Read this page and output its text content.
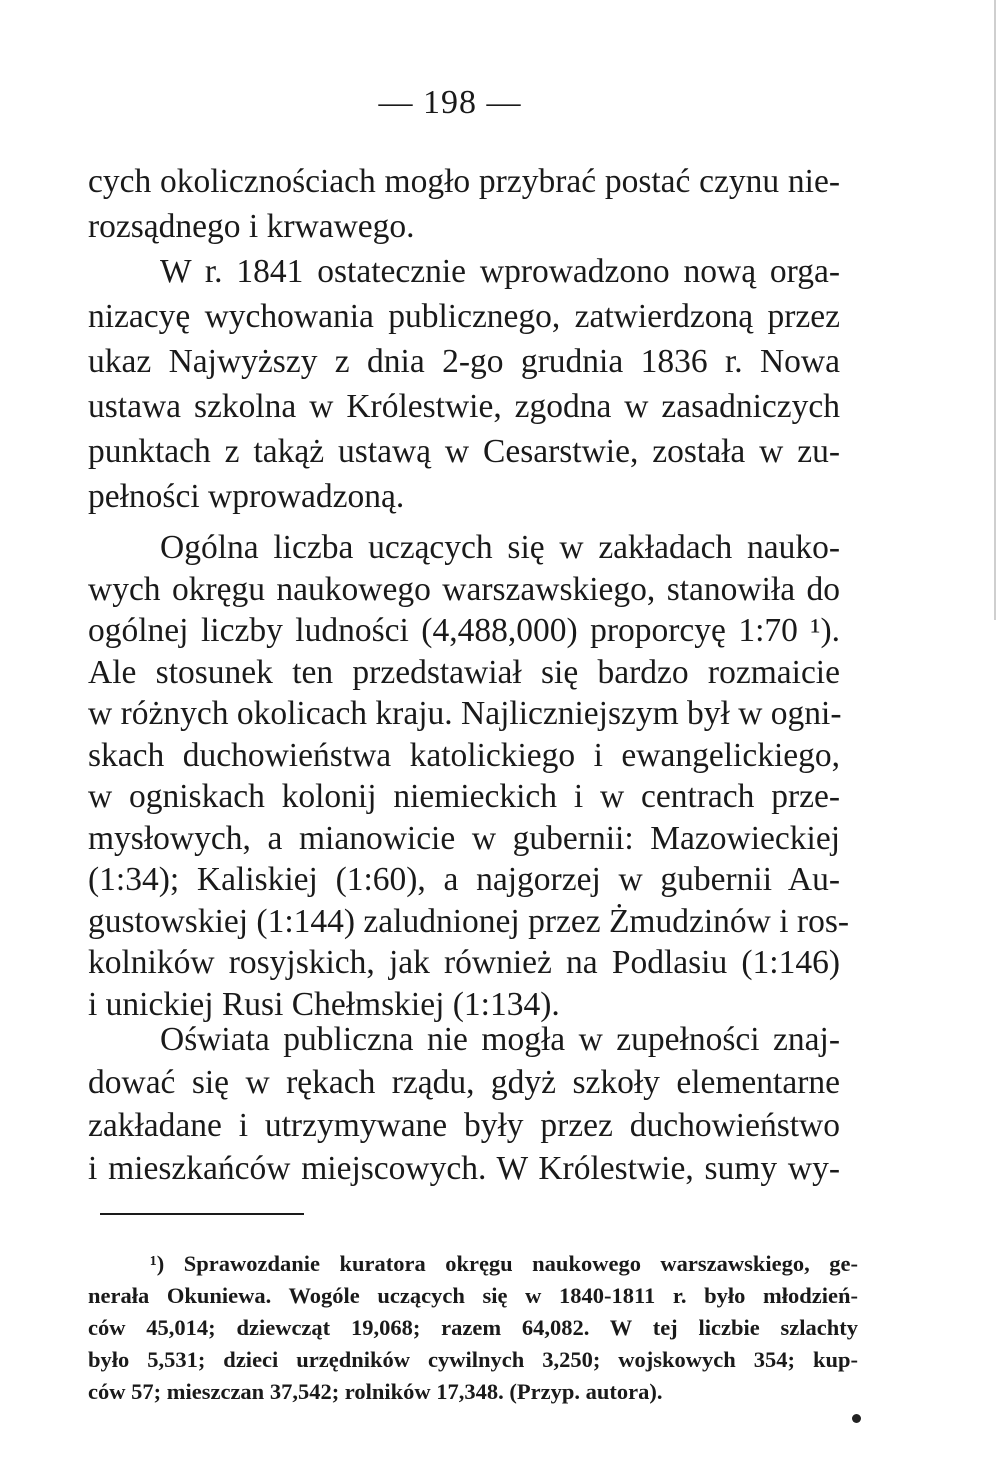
— 198 —
cych okolicznościach mogło przybrać postać czynu nie-
rozsądnego i krwawego.
W r. 1841 ostatecznie wprowadzono nową orga-
nizacyę wychowania publicznego, zatwierdzoną przez
ukaz Najwyższy z dnia 2-go grudnia 1836 r. Nowa
ustawa szkolna w Królestwie, zgodna w zasadniczych
punktach z takąż ustawą w Cesarstwie, została w zu-
pełności wprowadzoną.
Ogólna liczba uczących się w zakładach nauko-
wych okręgu naukowego warszawskiego, stanowiła do
ogólnej liczby ludności (4,488,000) proporcyę 1:70 ¹).
Ale stosunek ten przedstawiał się bardzo rozmaicie
w różnych okolicach kraju. Najliczniejszym był w ogni-
skach duchowieństwa katolickiego i ewangelickiego,
w ogniskach kolonij niemieckich i w centrach prze-
mysłowych, a mianowicie w gubernii: Mazowieckiej
(1:34); Kaliskiej (1:60), a najgorzej w gubernii Au-
gustowskiej (1:144) zaludnionej przez Żmudzinów i ros-
kolników rosyjskich, jak również na Podlasiu (1:146)
i unickiej Rusi Chełmskiej (1:134).
Oświata publiczna nie mogła w zupełności znaj-
dować się w rękach rządu, gdyż szkoły elementarne
zakładane i utrzymywane były przez duchowieństwo
i mieszkańców miejscowych. W Królestwie, sumy wy-
¹) Sprawozdanie kuratora okręgu naukowego warszawskiego, ge-
nerała Okuniewa. Wogóle uczących się w 1840-1811 r. było młodzień-
ców 45,014; dziewcząt 19,068; razem 64,082. W tej liczbie szlachty
było 5,531; dzieci urzędników cywilnych 3,250; wojskowych 354; kup-
ców 57; mieszczan 37,542; rolników 17,348. (Przyp. autora).
